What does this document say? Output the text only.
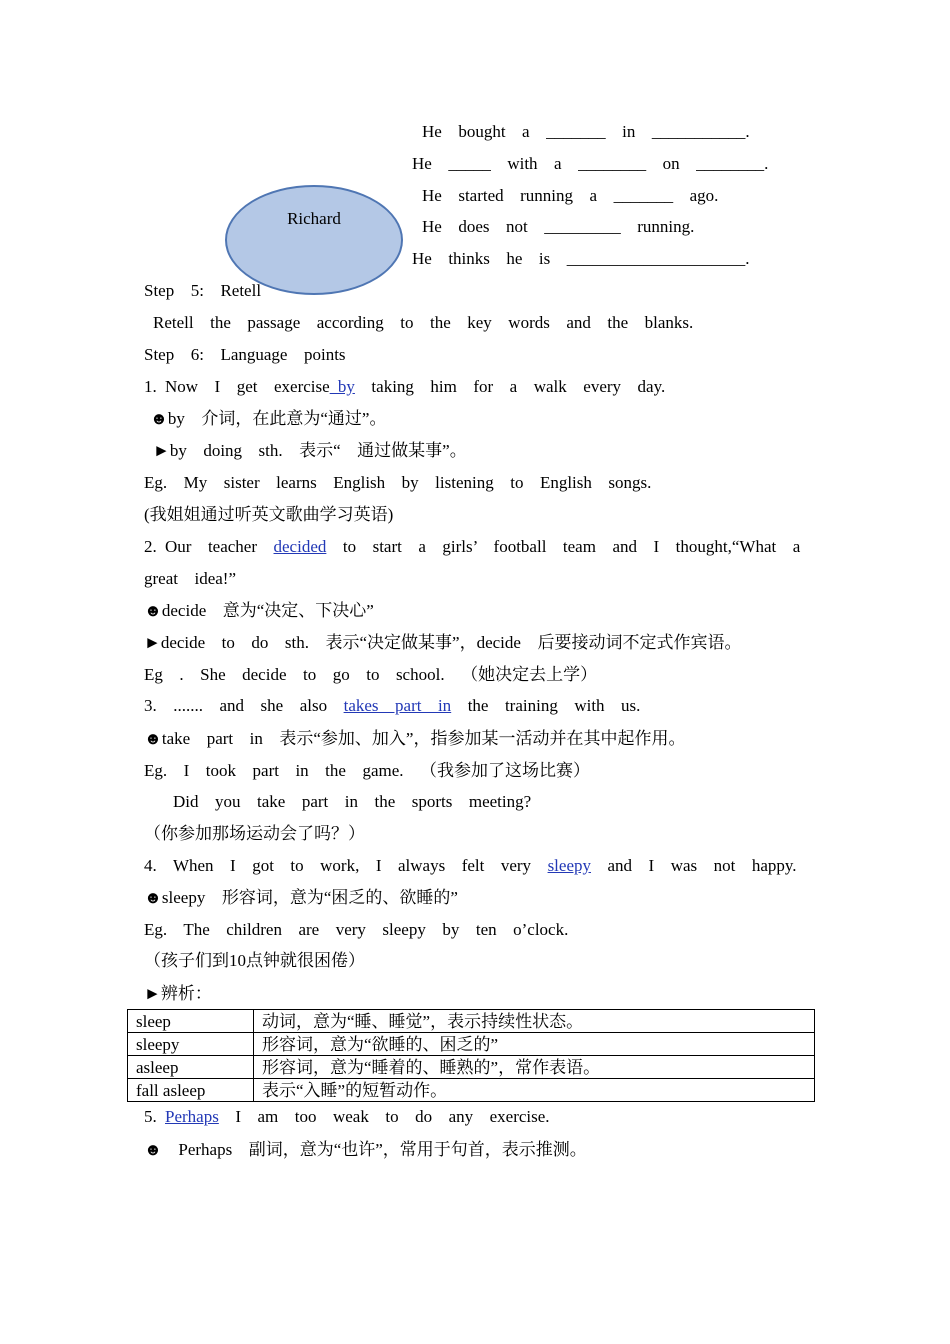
Richard
He  bought  a  _______  in  ___________.
He  _____  with  a  ________  on  ________.
He  started  running  a  _______  ago.
He  does  not  _________  running.
He  thinks  he  is  _____________________.
Step  5:  Retell
Retell  the  passage  according  to  the  key  words  and  the  blanks.
Step  6:  Language  points
1. Now  I  get  exercise by  taking  him  for  a  walk  every  day.
☻by  介词，在此意为“通过”。
►by  doing  sth.  表示“  通过做某事”。
Eg.  My  sister  learns  English  by  listening  to  English  songs.
(我姐姐通过听英文歌曲学习英语)
2. Our  teacher  decided  to  start  a  girls’  football  team  and  I  thought,“What  a
great  idea!”
☻decide  意为“决定、下决心”
►decide  to  do  sth.  表示“决定做某事”，decide  后要接动词不定式作宾语。
Eg  .  She  decide  to  go  to  school.  （她决定去上学）
3.  .......  and  she  also  takes  part  in  the  training  with  us.
☻take  part  in  表示“参加、加入”，指参加某一活动并在其中起作用。
Eg.  I  took  part  in  the  game.  （我参加了这场比赛）
Did  you  take  part  in  the  sports  meeting?
（你参加那场运动会了吗？）
4.  When  I  got  to  work,  I  always  felt  very  sleepy  and  I  was  not  happy.
☻sleepy  形容词，意为“困乏的、欲睡的”
Eg.  The  children  are  very  sleepy  by  ten  o’clock.
（孩子们到10点钟就很困倦）
►辨析：
sleep	动词，意为“睡、睡觉”，表示持续性状态。
sleepy	形容词，意为“欲睡的、困乏的”
asleep	形容词，意为“睡着的、睡熟的”，常作表语。
fall asleep	表示“入睡”的短暂动作。
5. Perhaps  I  am  too  weak  to  do  any  exercise.
☻  Perhaps  副词，意为“也许”，常用于句首，表示推测。
